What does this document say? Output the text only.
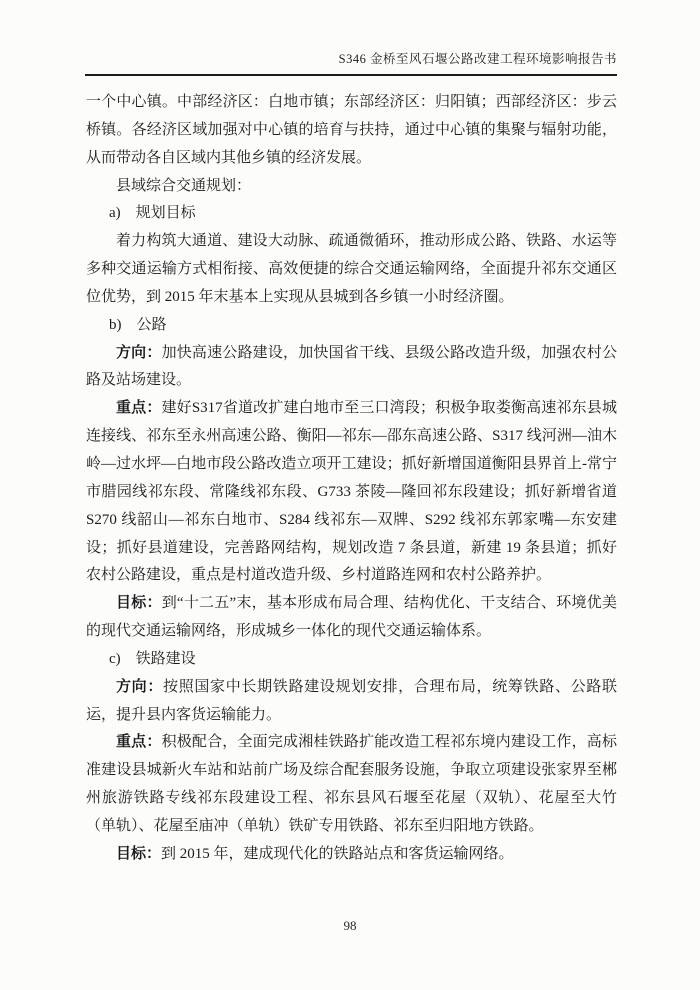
S346 金桥至风石堰公路改建工程环境影响报告书

一个中心镇。中部经济区：白地市镇；东部经济区：归阳镇；西部经济区：步云桥镇。各经济区域加强对中心镇的培育与扶持，通过中心镇的集聚与辐射功能，从而带动各自区域内其他乡镇的经济发展。

县域综合交通规划：

a) 规划目标

着力构筑大通道、建设大动脉、疏通微循环，推动形成公路、铁路、水运等多种交通运输方式相衔接、高效便捷的综合交通运输网络，全面提升祁东交通区位优势，到 2015 年末基本上实现从县城到各乡镇一小时经济圈。

b) 公路

方向：加快高速公路建设，加快国省干线、县级公路改造升级，加强农村公路及站场建设。

重点：建好S317省道改扩建白地市至三口湾段；积极争取娄衡高速祁东县城连接线、祁东至永州高速公路、衡阳—祁东—邵东高速公路、S317 线河洲—油木岭—过水坪—白地市段公路改造立项开工建设；抓好新增国道衡阳县界首上-常宁市腊园线祁东段、常隆线祁东段、G733 茶陵—隆回祁东段建设；抓好新增省道 S270 线韶山—祁东白地市、S284 线祁东—双牌、S292 线祁东郭家嘴—东安建设；抓好县道建设，完善路网结构，规划改造 7 条县道，新建 19 条县道；抓好农村公路建设，重点是村道改造升级、乡村道路连网和农村公路养护。

目标：到“十二五”末，基本形成布局合理、结构优化、干支结合、环境优美的现代交通运输网络，形成城乡一体化的现代交通运输体系。

c) 铁路建设

方向：按照国家中长期铁路建设规划安排，合理布局，统筹铁路、公路联运，提升县内客货运输能力。

重点：积极配合，全面完成湘桂铁路扩能改造工程祁东境内建设工作，高标准建设县城新火车站和站前广场及综合配套服务设施，争取立项建设张家界至郴州旅游铁路专线祁东段建设工程、祁东县风石堰至花屋（双轨）、花屋至大竹（单轨）、花屋至庙冲（单轨）铁矿专用铁路、祁东至归阳地方铁路。

目标：到 2015 年，建成现代化的铁路站点和客货运输网络。

98
